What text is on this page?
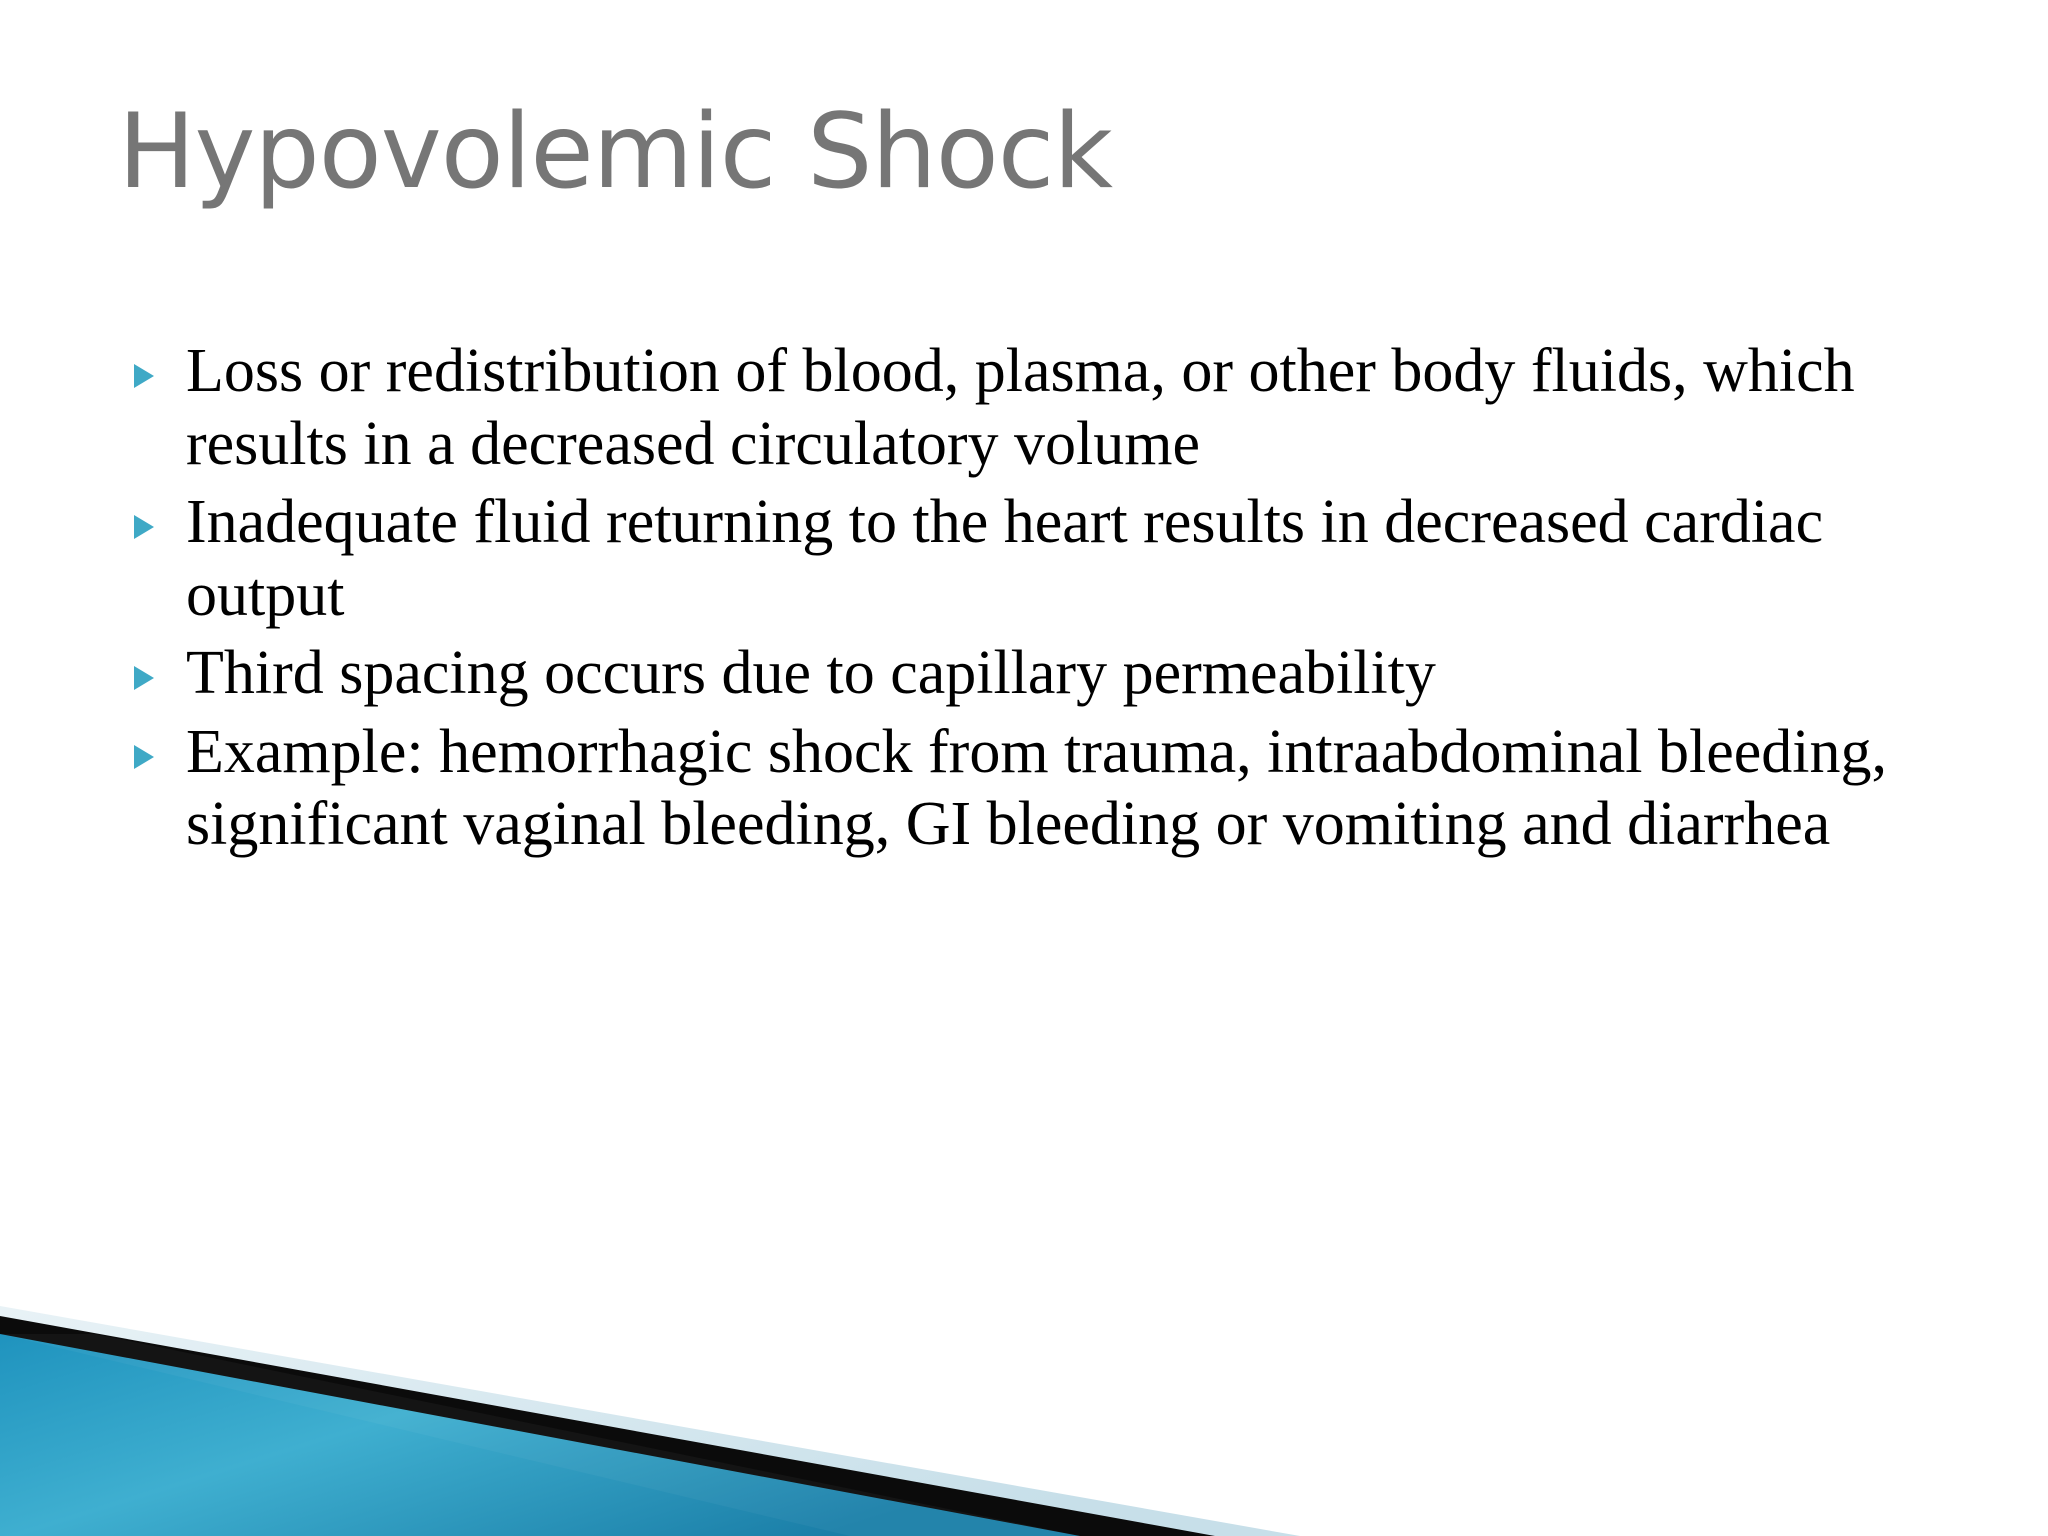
Hypovolemic Shock
Loss or redistribution of blood, plasma, or other body fluids, which results in a decreased circulatory volume
Inadequate fluid returning to the heart results in decreased cardiac output
Third spacing occurs due to capillary permeability
Example: hemorrhagic shock from trauma, intraabdominal bleeding, significant vaginal bleeding, GI bleeding or vomiting and diarrhea
